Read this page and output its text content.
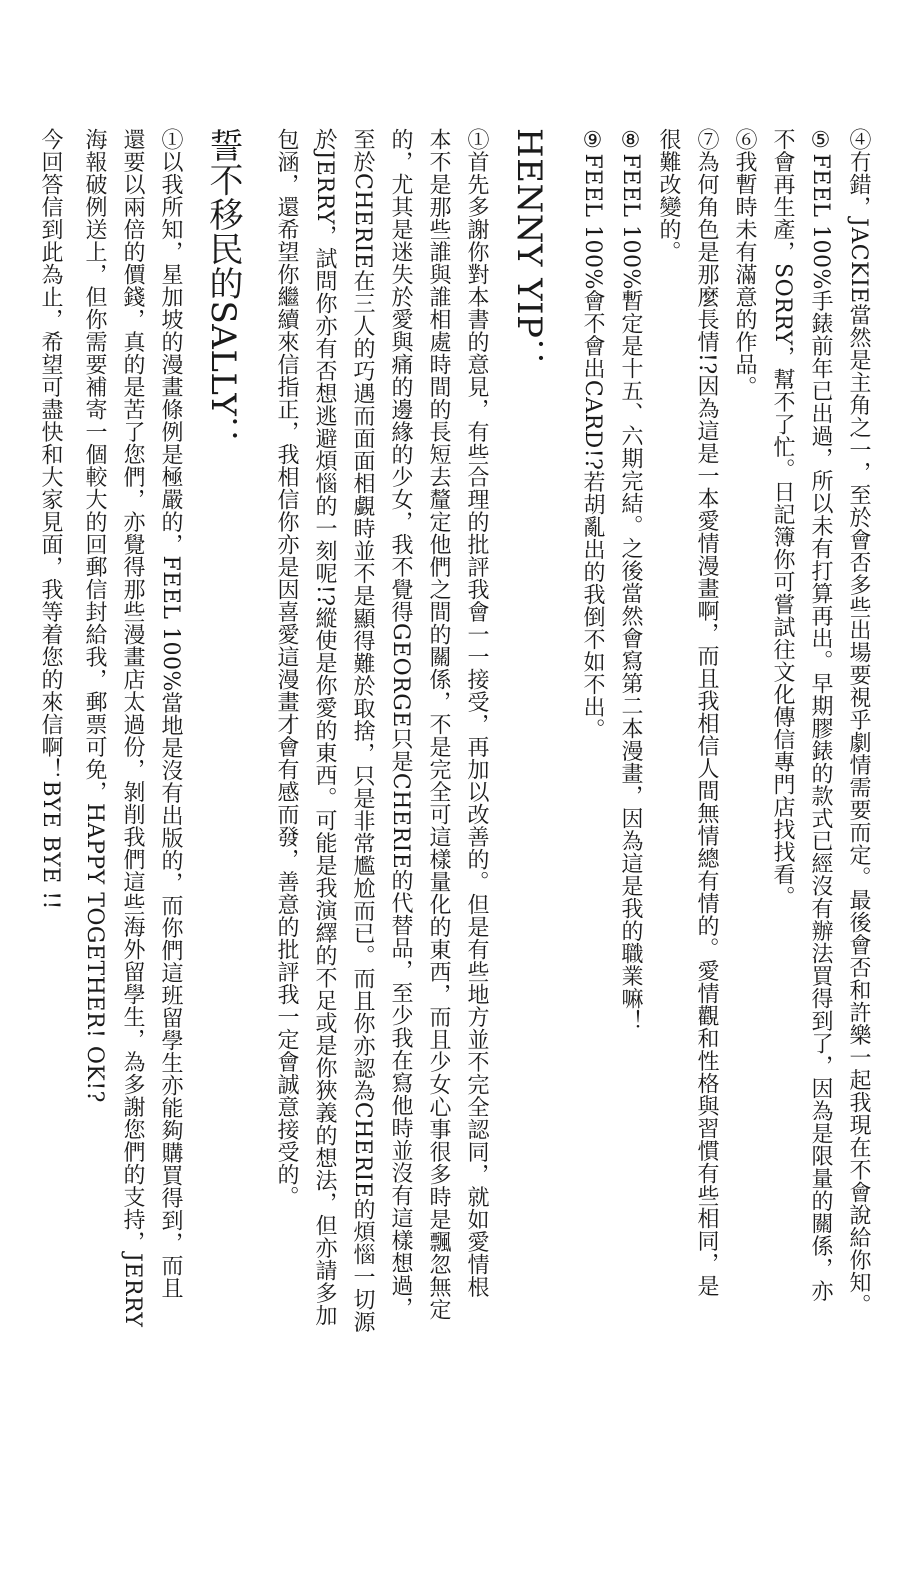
④冇錯，JACKIE當然是主角之一，至於會否多些出場要視乎劇情需要而定。最後會否和許樂一起我現在不會說給你知。

⑤FEEL 100%手錶前年已出過，所以未有打算再出。早期膠錶的款式已經沒有辦法買得到了，因為是限量的關係，亦

不會再生產，SORRY，幫不了忙。日記簿你可嘗試往文化傳信專門店找找看。

⑥我暫時未有滿意的作品。

⑦為何角色是那麼長情!?因為這是一本愛情漫畫啊，而且我相信人間無情總有情的。愛情觀和性格與習慣有些相同，是

很難改變的。

⑧FEEL 100%暫定是十五、六期完結。之後當然會寫第二本漫畫，因為這是我的職業嘛！

⑨FEEL 100%會不會出CARD!?若胡亂出的我倒不如不出。

HENNY YIP：

①首先多謝你對本書的意見，有些合理的批評我會一一接受，再加以改善的。但是有些地方並不完全認同，就如愛情根

本不是那些誰與誰相處時間的長短去釐定他們之間的關係，不是完全可這樣量化的東西，而且少女心事很多時是飄忽無定

的，尤其是迷失於愛與痛的邊緣的少女，我不覺得GEORGE只是CHERIE的代替品，至少我在寫他時並沒有這樣想過，

至於CHERIE在三人的巧遇而面面相覷時並不是顯得難於取捨，只是非常尷尬而已。而且你亦認為CHERIE的煩惱一切源

於JERRY，試問你亦有否想逃避煩惱的一刻呢!?縱使是你愛的東西。可能是我演繹的不足或是你狹義的想法，但亦請多加

包涵，還希望你繼續來信指正，我相信你亦是因喜愛這漫畫才會有感而發，善意的批評我一定會誠意接受的。

誓不移民的SALLY：

①以我所知，星加坡的漫畫條例是極嚴的，FEEL 100%當地是沒有出版的，而你們這班留學生亦能夠購買得到，而且

還要以兩倍的價錢，真的是苦了您們，亦覺得那些漫畫店太過份，剝削我們這些海外留學生，為多謝您們的支持，JERRY

海報破例送上，但你需要補寄一個較大的回郵信封給我，郵票可免，HAPPY TOGETHER! OK!?

今回答信到此為止，希望可盡快和大家見面，我等着您的來信啊！BYE BYE !!
